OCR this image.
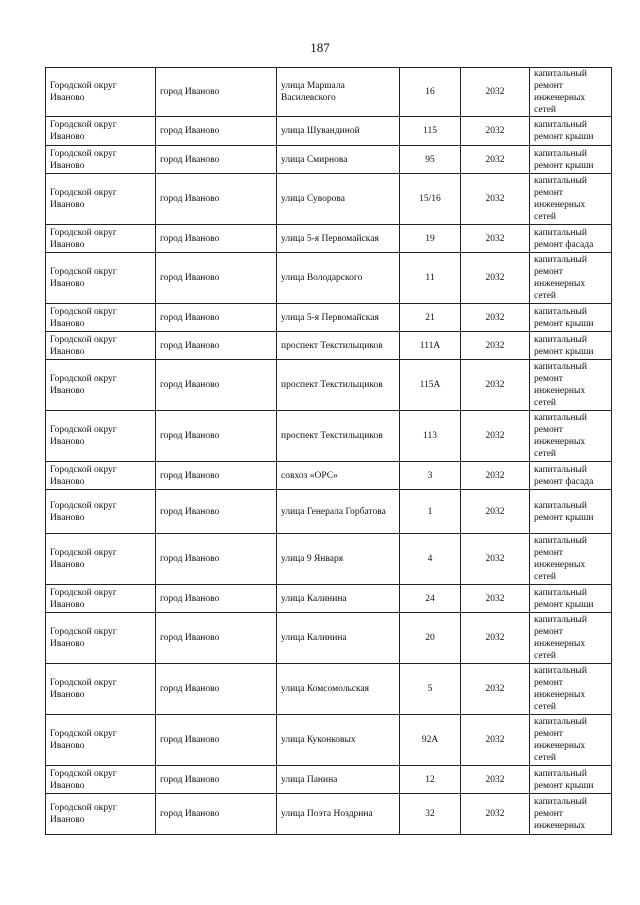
187
Городской округ Иваново	город Иваново	улица Маршала Василевского	16	2032	капитальный ремонт инженерных сетей
Городской округ Иваново	город Иваново	улица Шувандиной	115	2032	капитальный ремонт крыши
Городской округ Иваново	город Иваново	улица Смирнова	95	2032	капитальный ремонт крыши
Городской округ Иваново	город Иваново	улица Суворова	15/16	2032	капитальный ремонт инженерных сетей
Городской округ Иваново	город Иваново	улица 5-я Первомайская	19	2032	капитальный ремонт фасада
Городской округ Иваново	город Иваново	улица Володарского	11	2032	капитальный ремонт инженерных сетей
Городской округ Иваново	город Иваново	улица 5-я Первомайская	21	2032	капитальный ремонт крыши
Городской округ Иваново	город Иваново	проспект Текстильщиков	111А	2032	капитальный ремонт крыши
Городской округ Иваново	город Иваново	проспект Текстильщиков	115А	2032	капитальный ремонт инженерных сетей
Городской округ Иваново	город Иваново	проспект Текстильщиков	113	2032	капитальный ремонт инженерных сетей
Городской округ Иваново	город Иваново	совхоз «ОРС»	3	2032	капитальный ремонт фасада
Городской округ Иваново	город Иваново	улица Генерала Горбатова	1	2032	капитальный ремонт крыши
Городской округ Иваново	город Иваново	улица 9 Января	4	2032	капитальный ремонт инженерных сетей
Городской округ Иваново	город Иваново	улица Калинина	24	2032	капитальный ремонт крыши
Городской округ Иваново	город Иваново	улица Калинина	20	2032	капитальный ремонт инженерных сетей
Городской округ Иваново	город Иваново	улица Комсомольская	5	2032	капитальный ремонт инженерных сетей
Городской округ Иваново	город Иваново	улица Куконковых	92А	2032	капитальный ремонт инженерных сетей
Городской округ Иваново	город Иваново	улица Панина	12	2032	капитальный ремонт крыши
Городской округ Иваново	город Иваново	улица Поэта Ноздрина	32	2032	капитальный ремонт инженерных
